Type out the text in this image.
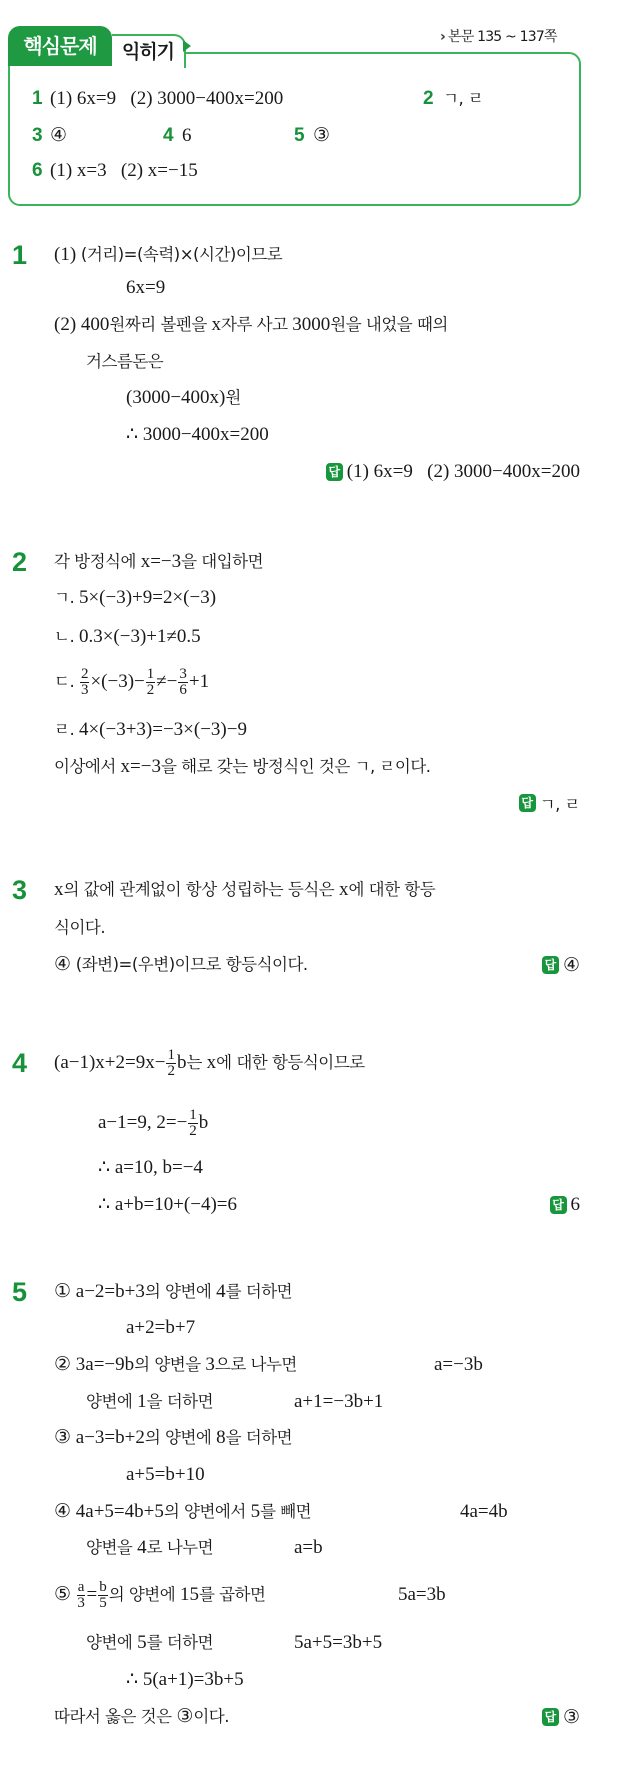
핵심문제	익히기
› 본문 135 ~ 137쪽
1 (1) 6x=9   (2) 3000−400x=200	2 ㄱ, ㄹ
3 ④	4 6	5 ③
6 (1) x=3   (2) x=−15
1 (1) (거리)=(속력)×(시간)이므로
6x=9
(2) 400 원짜리 볼펜을 x 자루 사고 3000 원을 내었을 때의
거스름돈은
(3000−400x) 원
∴ 3000−400x=200
답 (1) 6x=9   (2) 3000−400x=200
2 각 방정식에 x=−3 을 대입하면
ㄱ. 5×(−3)+9=2×(−3)
ㄴ. 0.3×(−3)+1≠0.5
ㄷ. $\frac{2}{3} \times(-3)- \frac{1}{2} \ne- \frac{3}{6} +1$
ㄹ. 4×(−3+3)=−3×(−3)−9
이상에서 x=−3 을 해로 갖는 방정식인 것은 ㄱ, ㄹ이다.
답 ㄱ, ㄹ
3 x 의 값에 관계없이 항상 성립하는 등식은 x 에 대한 항등
식이다.
④ (좌변)=(우변)이므로 항등식이다.	답 ④
4 $(a-1)x+2=9x- \frac{1}{2}$ b 는 x 에 대한 항등식이므로
a−1=9, $2=- \frac{1}{2}$ b
∴ a=10, b=−4
∴ a+b=10+(−4)=6	답 6
5 ① a−2=b+3 의 양변에 4 를 더하면
a+2=b+7
② 3a=−9b 의 양변을 3 으로 나누면	a=−3b
양변에 1 을 더하면	a+1=−3b+1
③ a−3=b+2 의 양변에 8 을 더하면
a+5=b+10
④ 4a+5=4b+5 의 양변에서 5 를 빼면	4a=4b
양변을 4 로 나누면	a=b
⑤ $\frac{a}{3} = \frac{b}{5}$ 의 양변에 15 를 곱하면	5a=3b
양변에 5 를 더하면	5a+5=3b+5
∴ 5(a+1)=3b+5
따라서 옳은 것은 ③ 이다.	답 ③
